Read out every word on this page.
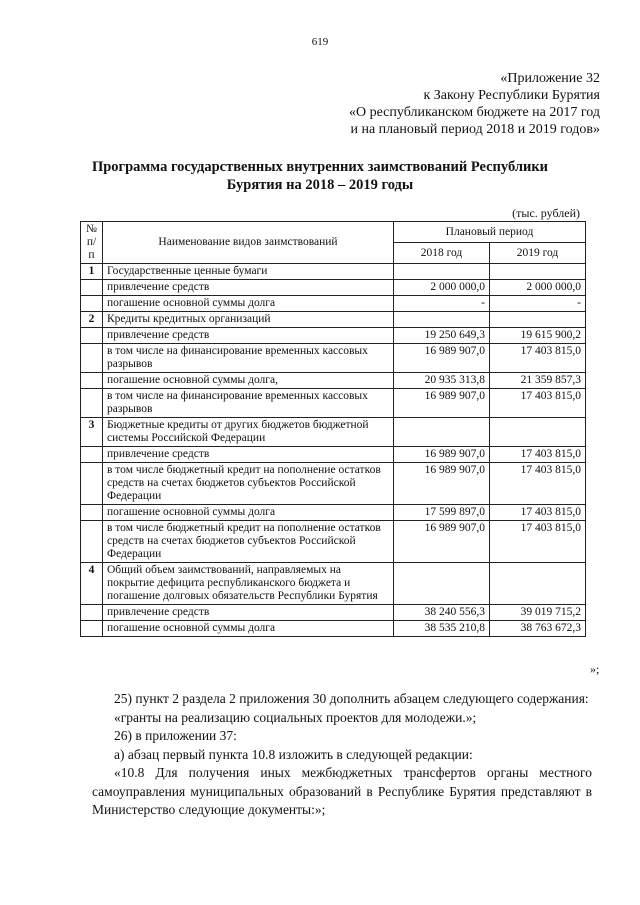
619
«Приложение 32
к Закону Республики Бурятия
«О республиканском бюджете на 2017 год
и на плановый период 2018 и 2019 годов»
Программа государственных внутренних заимствований Республики
Бурятия на 2018 – 2019 годы
(тыс. рублей)
№ п/п	Наименование видов заимствований	Плановый период	
		2018 год	2019 год
1	Государственные ценные бумаги		
	привлечение средств	2 000 000,0	2 000 000,0
	погашение основной суммы долга	-	-
2	Кредиты кредитных организаций		
	привлечение средств	19 250 649,3	19 615 900,2
	в том числе на финансирование временных кассовых разрывов	16 989 907,0	17 403 815,0
	погашение основной суммы долга,	20 935 313,8	21 359 857,3
	в том числе на финансирование временных кассовых разрывов	16 989 907,0	17 403 815,0
3	Бюджетные кредиты от других бюджетов бюджетной системы Российской Федерации		
	привлечение средств	16 989 907,0	17 403 815,0
	в том числе бюджетный кредит на пополнение остатков средств на счетах бюджетов субъектов Российской Федерации	16 989 907,0	17 403 815,0
	погашение основной суммы долга	17 599 897,0	17 403 815,0
	в том числе бюджетный кредит на пополнение остатков средств на счетах бюджетов субъектов Российской Федерации	16 989 907,0	17 403 815,0
4	Общий объем заимствований, направляемых на покрытие дефицита республиканского бюджета и погашение долговых обязательств Республики Бурятия		
	привлечение средств	38 240 556,3	39 019 715,2
	погашение основной суммы долга	38 535 210,8	38 763 672,3
»;

25) пункт 2 раздела 2 приложения 30 дополнить абзацем следующего содержания:

«гранты на реализацию социальных проектов для молодежи.»;

26) в приложении 37:

а) абзац первый пункта 10.8 изложить в следующей редакции:

«10.8 Для получения иных межбюджетных трансфертов органы местного самоуправления муниципальных образований в Республике Бурятия представляют в Министерство следующие документы:»;
